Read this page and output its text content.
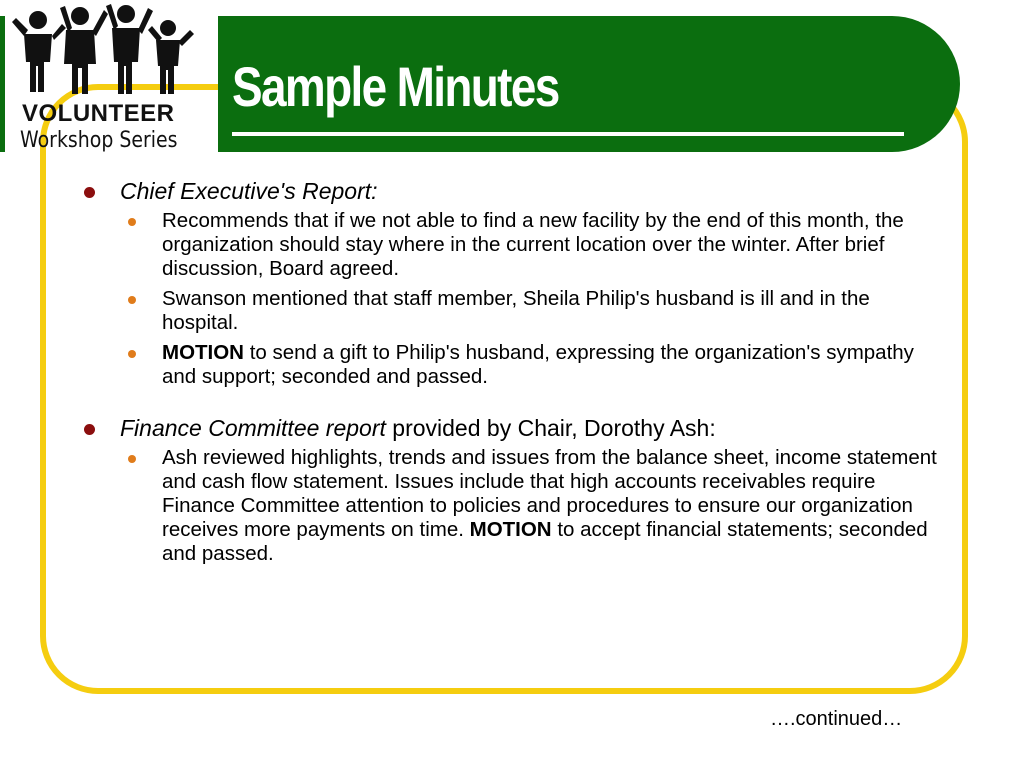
VOLUNTEER
Workshop Series
Sample Minutes
Chief Executive's Report:
Recommends that if we not able to find a new facility by the end of this month, the organization should stay where in the current location over the winter. After brief discussion, Board agreed.
Swanson mentioned that staff member, Sheila Philip's husband is ill and in the hospital.
MOTION to send a gift to Philip's husband, expressing the organization's sympathy and support; seconded and passed.
Finance Committee report provided by Chair, Dorothy Ash:
Ash reviewed highlights, trends and issues from the balance sheet, income statement and cash flow statement. Issues include that high accounts receivables require Finance Committee attention to policies and procedures to ensure our organization receives more payments on time. MOTION to accept financial statements; seconded and passed.
….continued…
